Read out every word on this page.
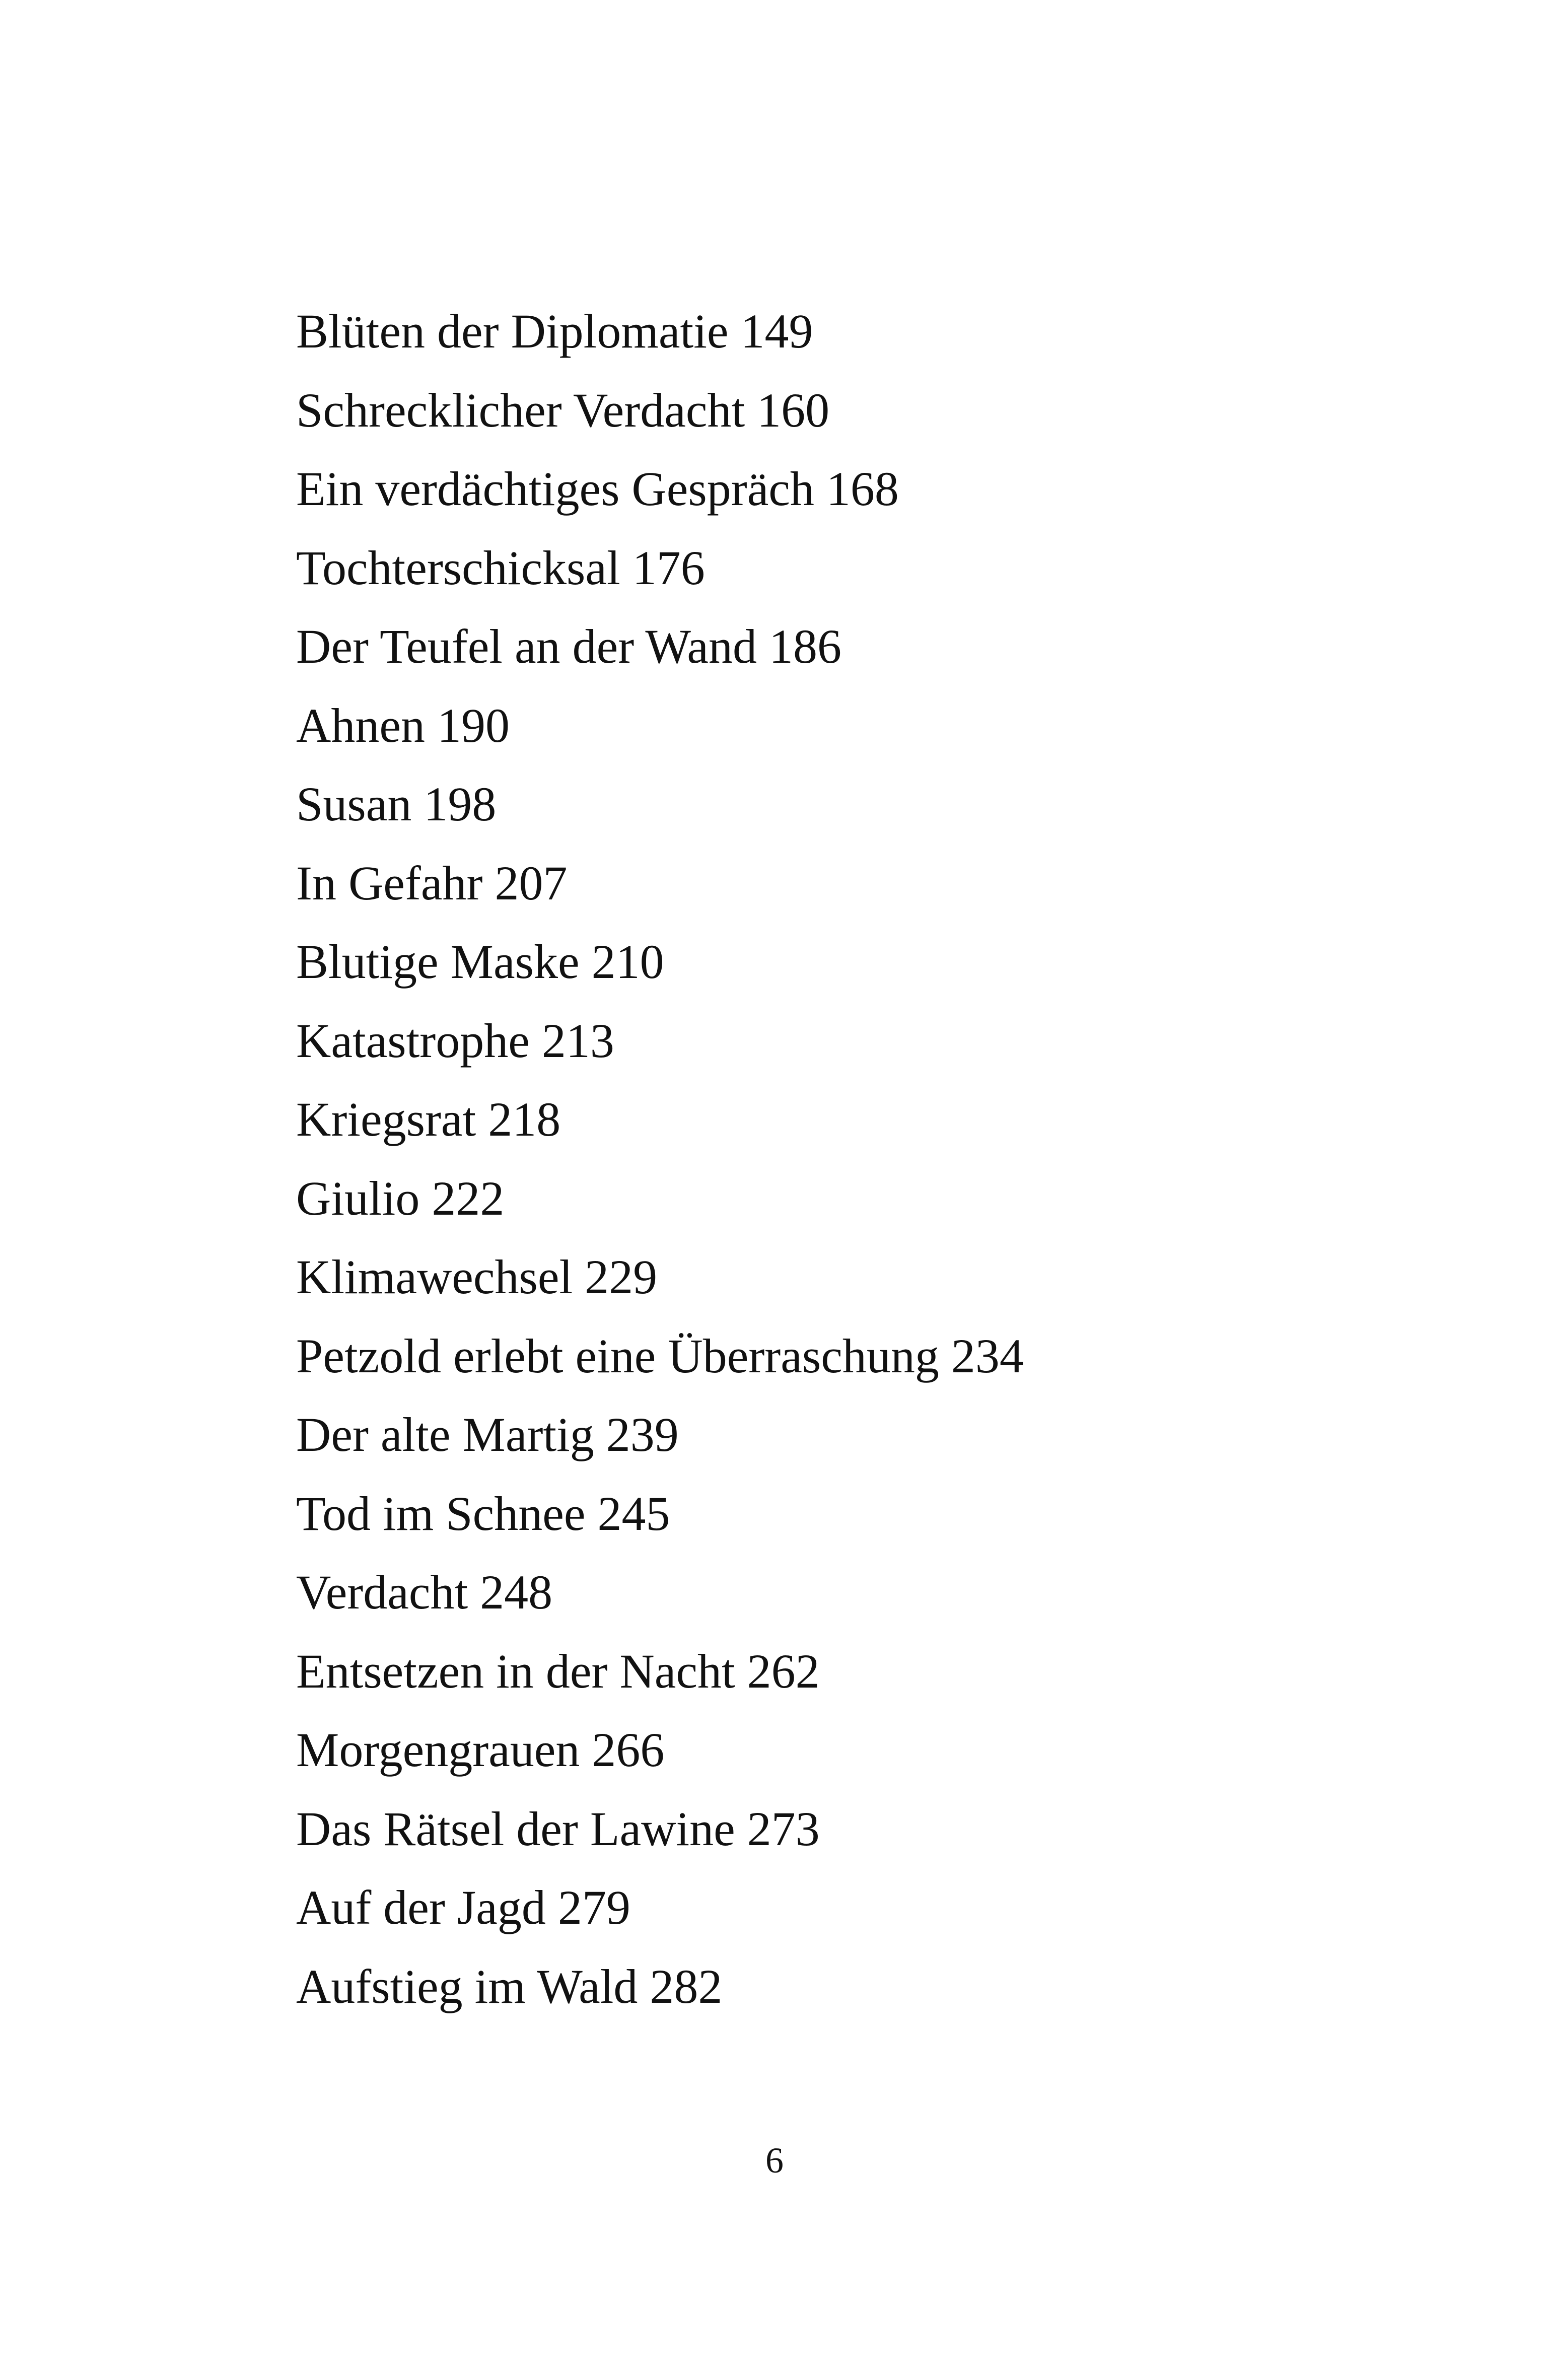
Blüten der Diplomatie 149
Schrecklicher Verdacht 160
Ein verdächtiges Gespräch 168
Tochterschicksal 176
Der Teufel an der Wand 186
Ahnen 190
Susan 198
In Gefahr 207
Blutige Maske 210
Katastrophe 213
Kriegsrat 218
Giulio 222
Klimawechsel 229
Petzold erlebt eine Überraschung 234
Der alte Martig 239
Tod im Schnee 245
Verdacht 248
Entsetzen in der Nacht 262
Morgengrauen 266
Das Rätsel der Lawine 273
Auf der Jagd 279
Aufstieg im Wald 282
6
